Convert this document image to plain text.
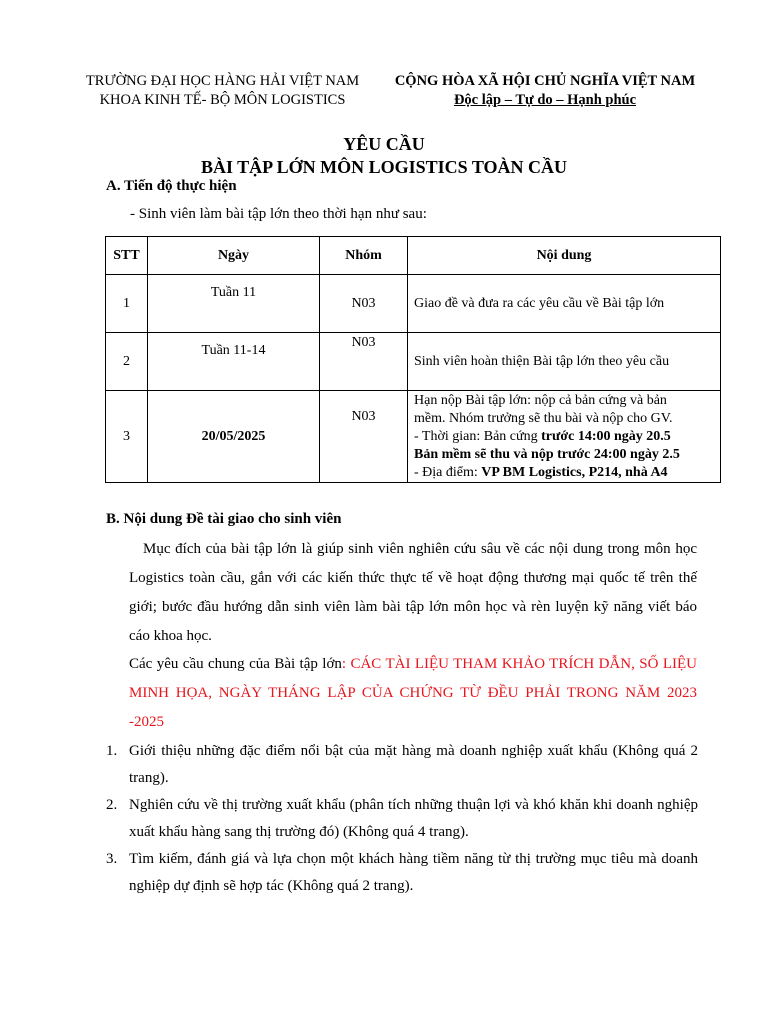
TRƯỜNG ĐẠI HỌC HÀNG HẢI VIỆT NAM
KHOA KINH TẾ- BỘ MÔN LOGISTICS
CỘNG HÒA XÃ HỘI CHỦ NGHĨA VIỆT NAM
Độc lập – Tự do – Hạnh phúc
YÊU CẦU
BÀI TẬP LỚN MÔN LOGISTICS TOÀN CẦU
A. Tiến độ thực hiện
- Sinh viên làm bài tập lớn theo thời hạn như sau:
STT	Ngày	Nhóm	Nội dung
1	Tuần 11	N03	Giao đề và đưa ra các yêu cầu về Bài tập lớn
2	Tuần 11-14	N03	Sinh viên hoàn thiện Bài tập lớn theo yêu cầu
3	20/05/2025	N03	Hạn nộp Bài tập lớn: nộp cả bản cứng và bản
mềm. Nhóm trưởng sẽ thu bài và nộp cho GV.
- Thời gian: Bản cứng trước 14:00 ngày 20.5
Bản mềm sẽ thu và nộp trước 24:00 ngày 2.5
- Địa điểm: VP BM Logistics, P214, nhà A4
B. Nội dung Đề tài giao cho sinh viên
Mục đích của bài tập lớn là giúp sinh viên nghiên cứu sâu về các nội dung trong môn học Logistics toàn cầu, gắn với các kiến thức thực tế về hoạt động thương mại quốc tế trên thế giới; bước đầu hướng dẫn sinh viên làm bài tập lớn môn học và rèn luyện kỹ năng viết báo cáo khoa học.
Các yêu cầu chung của Bài tập lớn: CÁC TÀI LIỆU THAM KHẢO TRÍCH DẪN, SỐ LIỆU MINH HỌA, NGÀY THÁNG LẬP CỦA CHỨNG TỪ ĐỀU PHẢI TRONG NĂM 2023 -2025
1. Giới thiệu những đặc điểm nổi bật của mặt hàng mà doanh nghiệp xuất khẩu (Không quá 2 trang).
2. Nghiên cứu về thị trường xuất khẩu (phân tích những thuận lợi và khó khăn khi doanh nghiệp xuất khẩu hàng sang thị trường đó) (Không quá 4 trang).
3. Tìm kiếm, đánh giá và lựa chọn một khách hàng tiềm năng từ thị trường mục tiêu mà doanh nghiệp dự định sẽ hợp tác (Không quá 2 trang).
